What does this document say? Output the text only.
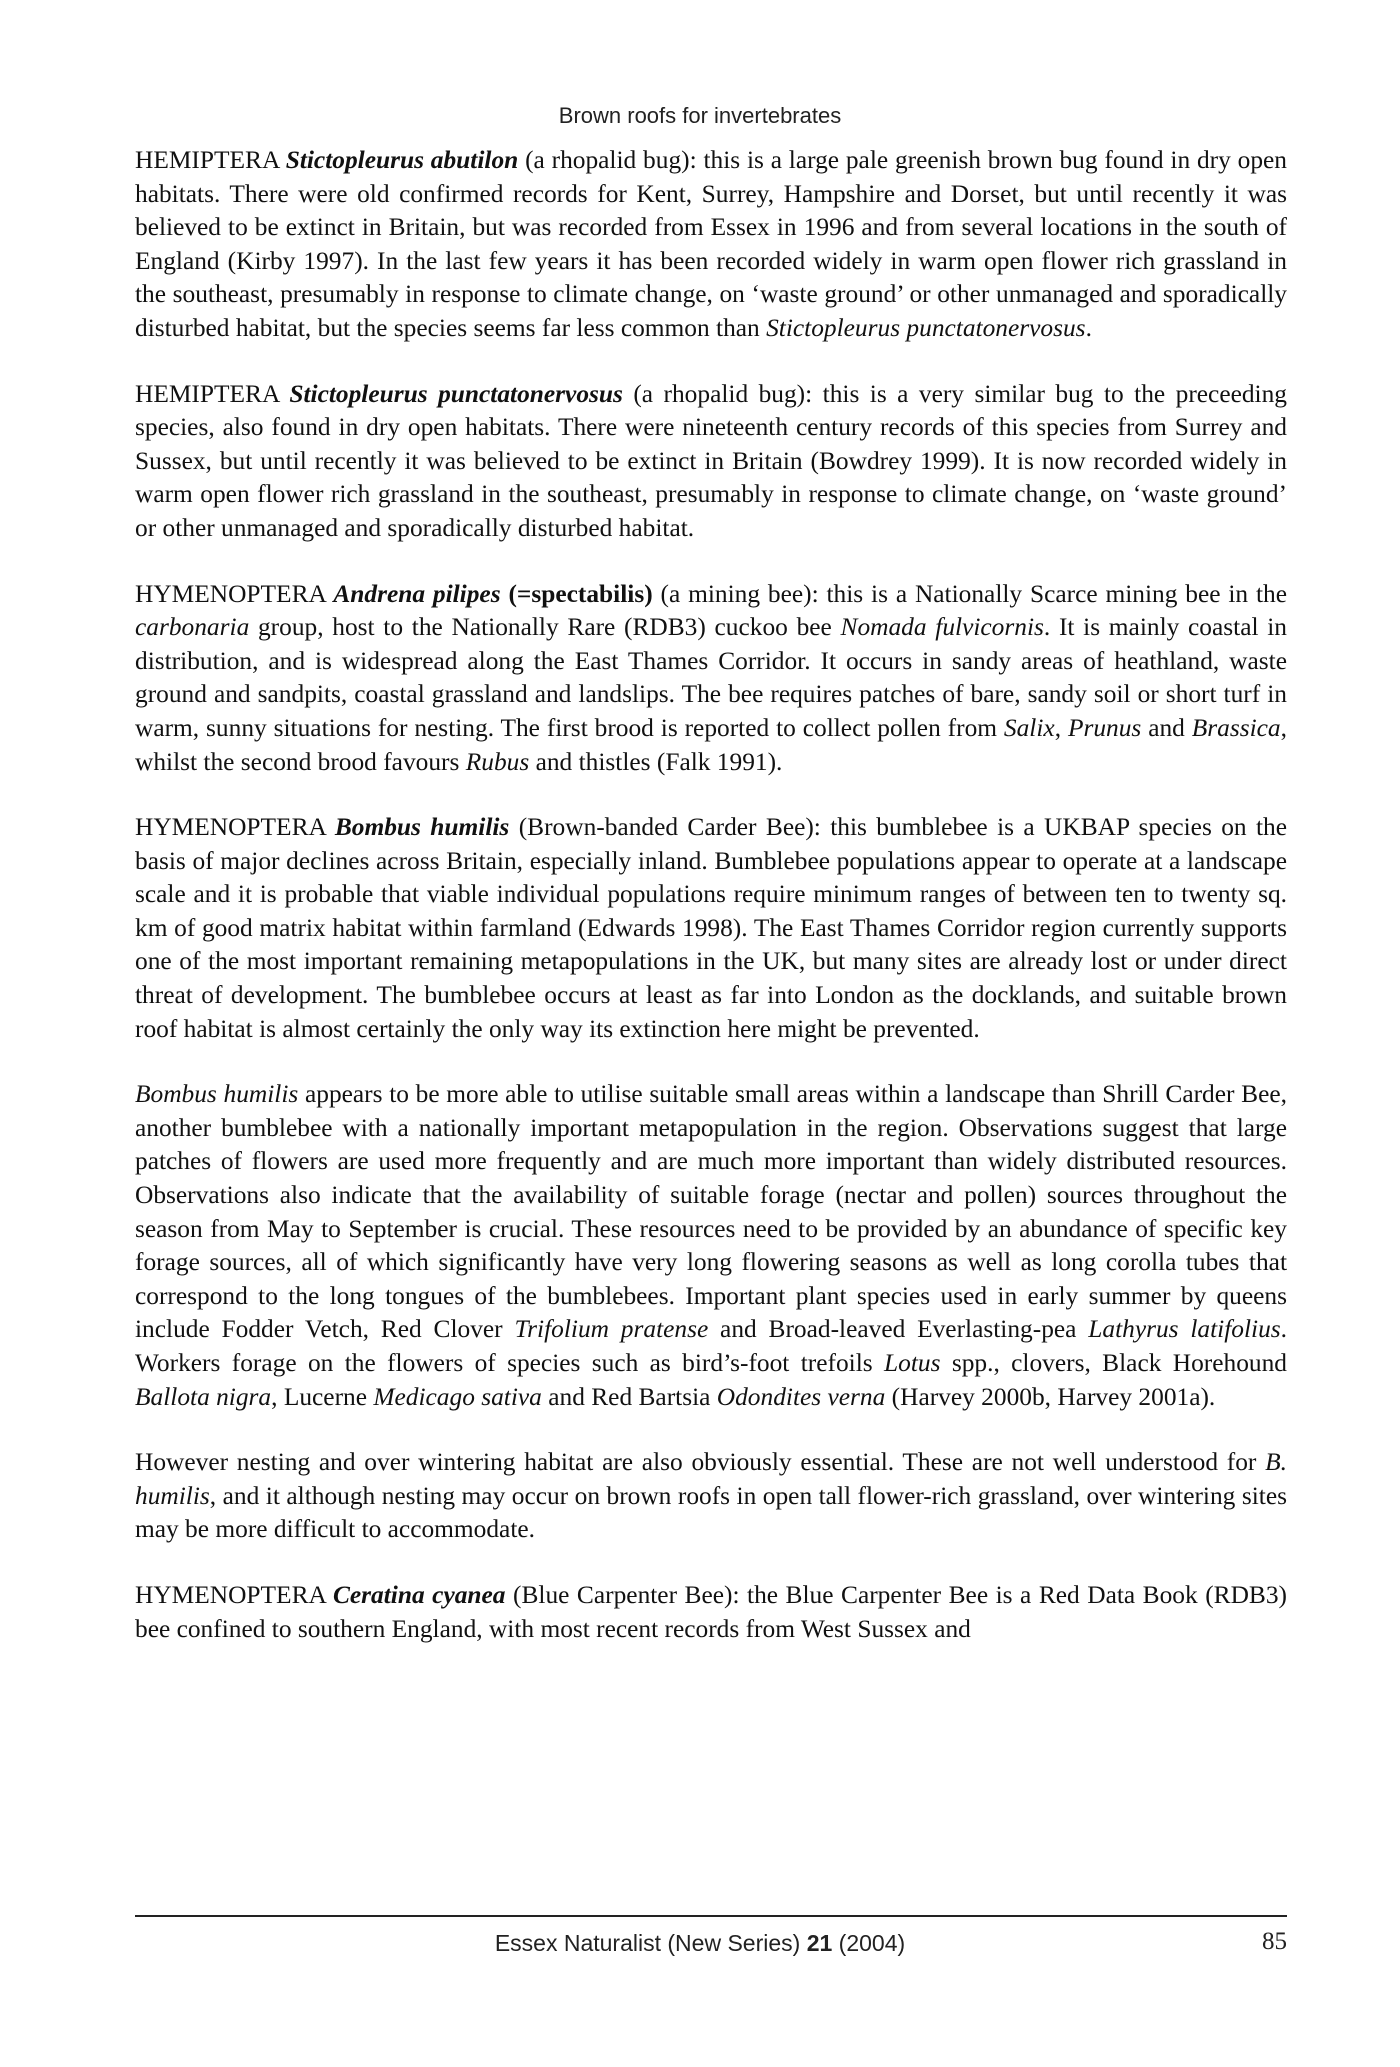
Brown roofs for invertebrates

HEMIPTERA Stictopleurus abutilon (a rhopalid bug): this is a large pale greenish brown bug found in dry open habitats. There were old confirmed records for Kent, Surrey, Hampshire and Dorset, but until recently it was believed to be extinct in Britain, but was recorded from Essex in 1996 and from several locations in the south of England (Kirby 1997). In the last few years it has been recorded widely in warm open flower rich grassland in the southeast, presumably in response to climate change, on ‘waste ground’ or other unmanaged and sporadically disturbed habitat, but the species seems far less common than Stictopleurus punctatonervosus.

HEMIPTERA Stictopleurus punctatonervosus (a rhopalid bug): this is a very similar bug to the preceeding species, also found in dry open habitats. There were nineteenth century records of this species from Surrey and Sussex, but until recently it was believed to be extinct in Britain (Bowdrey 1999). It is now recorded widely in warm open flower rich grassland in the southeast, presumably in response to climate change, on ‘waste ground’ or other unmanaged and sporadically disturbed habitat.

HYMENOPTERA Andrena pilipes (=spectabilis) (a mining bee): this is a Nationally Scarce mining bee in the carbonaria group, host to the Nationally Rare (RDB3) cuckoo bee Nomada fulvicornis. It is mainly coastal in distribution, and is widespread along the East Thames Corridor. It occurs in sandy areas of heathland, waste ground and sandpits, coastal grassland and landslips. The bee requires patches of bare, sandy soil or short turf in warm, sunny situations for nesting. The first brood is reported to collect pollen from Salix, Prunus and Brassica, whilst the second brood favours Rubus and thistles (Falk 1991).

HYMENOPTERA Bombus humilis (Brown-banded Carder Bee): this bumblebee is a UKBAP species on the basis of major declines across Britain, especially inland. Bumblebee populations appear to operate at a landscape scale and it is probable that viable individual populations require minimum ranges of between ten to twenty sq. km of good matrix habitat within farmland (Edwards 1998). The East Thames Corridor region currently supports one of the most important remaining metapopulations in the UK, but many sites are already lost or under direct threat of development. The bumblebee occurs at least as far into London as the docklands, and suitable brown roof habitat is almost certainly the only way its extinction here might be prevented.

Bombus humilis appears to be more able to utilise suitable small areas within a landscape than Shrill Carder Bee, another bumblebee with a nationally important metapopulation in the region. Observations suggest that large patches of flowers are used more frequently and are much more important than widely distributed resources. Observations also indicate that the availability of suitable forage (nectar and pollen) sources throughout the season from May to September is crucial. These resources need to be provided by an abundance of specific key forage sources, all of which significantly have very long flowering seasons as well as long corolla tubes that correspond to the long tongues of the bumblebees. Important plant species used in early summer by queens include Fodder Vetch, Red Clover Trifolium pratense and Broad-leaved Everlasting-pea Lathyrus latifolius. Workers forage on the flowers of species such as bird’s-foot trefoils Lotus spp., clovers, Black Horehound Ballota nigra, Lucerne Medicago sativa and Red Bartsia Odondites verna (Harvey 2000b, Harvey 2001a).

However nesting and over wintering habitat are also obviously essential. These are not well understood for B. humilis, and it although nesting may occur on brown roofs in open tall flower-rich grassland, over wintering sites may be more difficult to accommodate.

HYMENOPTERA Ceratina cyanea (Blue Carpenter Bee): the Blue Carpenter Bee is a Red Data Book (RDB3) bee confined to southern England, with most recent records from West Sussex and

Essex Naturalist (New Series) 21 (2004)	85
